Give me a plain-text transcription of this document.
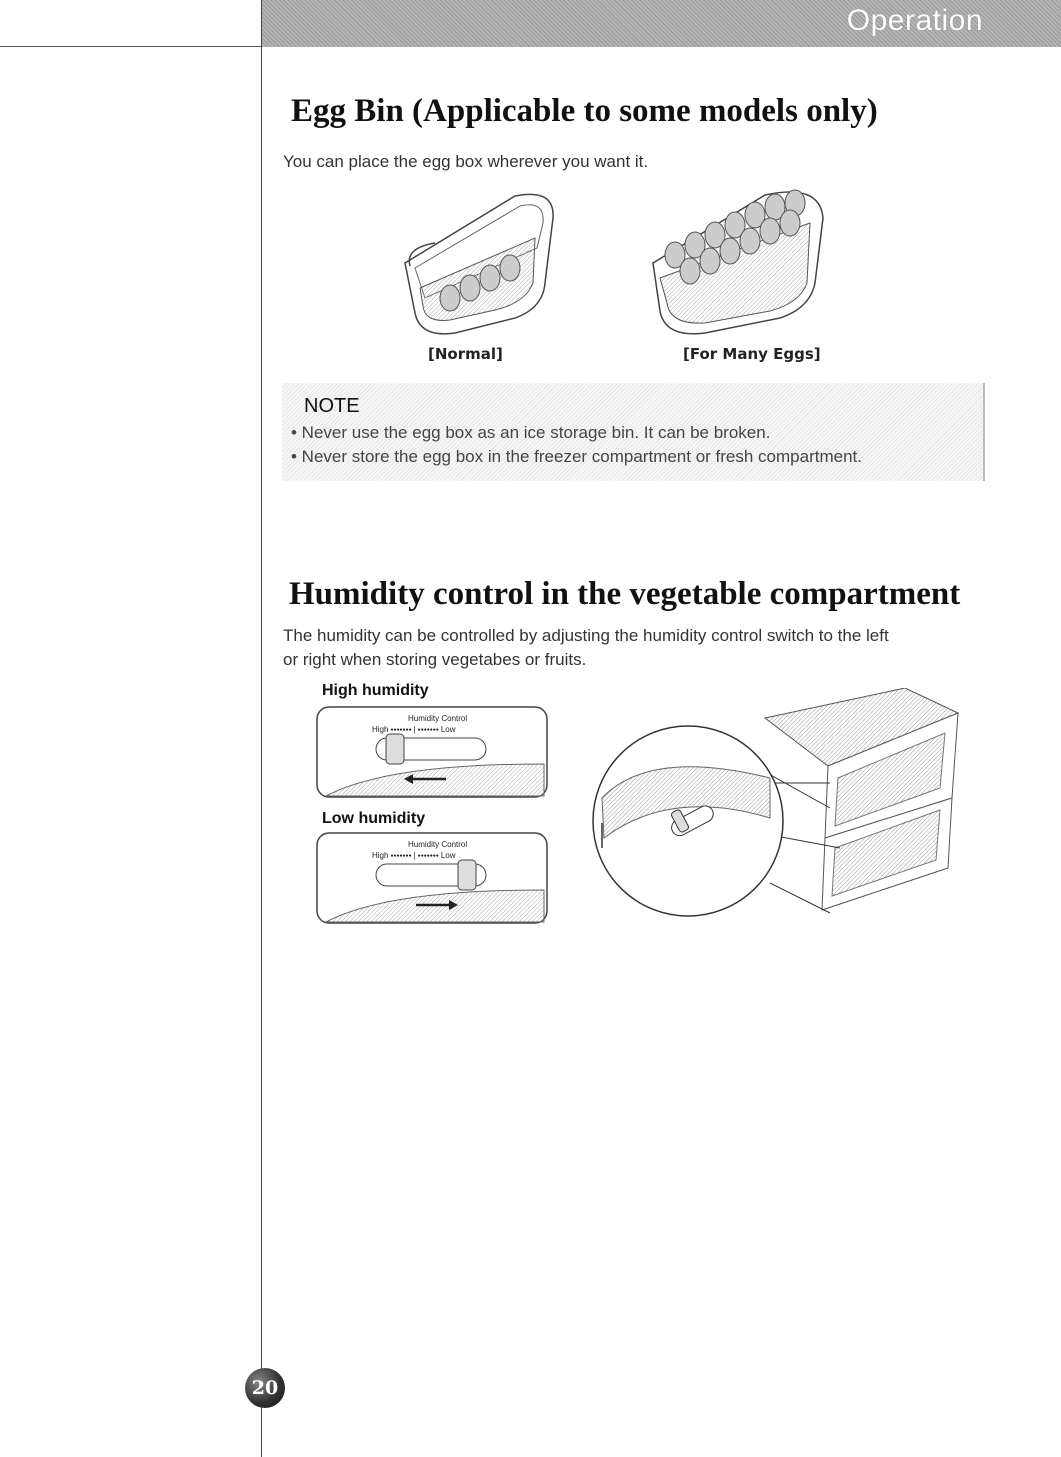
Operation
Egg Bin (Applicable to some models only)
You can place the egg box wherever you want it.
[Normal]	[For Many Eggs]
NOTE
• Never use the egg box as an ice storage bin. It can be broken.
• Never store the egg box in the freezer compartment or fresh compartment.
Humidity control in the vegetable compartment
The humidity can be controlled by adjusting the humidity control switch to the left
or right when storing vegetabes or fruits.
High humidity
Humidity Control
High ●●●●●●● | ●●●●●●● Low
Low humidity
Humidity Control
High ●●●●●●● | ●●●●●●● Low
20
